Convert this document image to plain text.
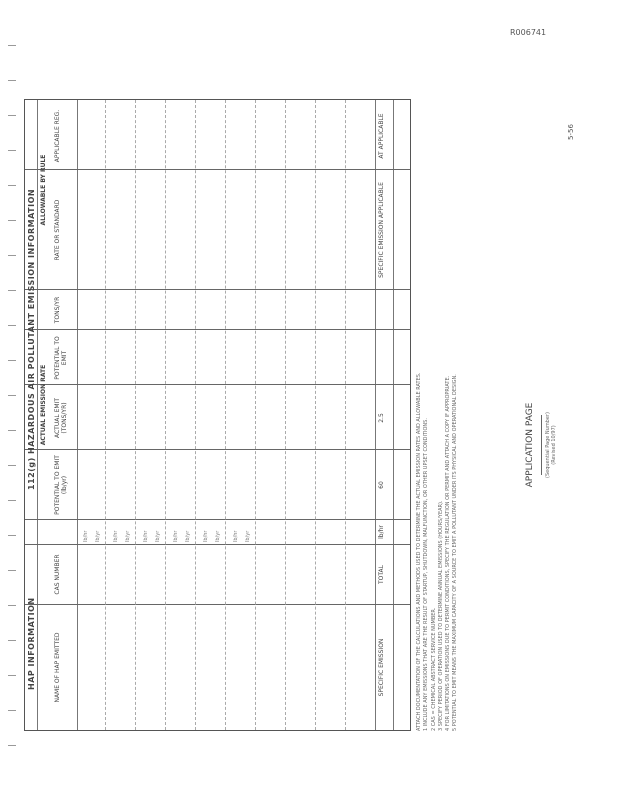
R006741
5-56
HAP INFORMATION
112(g) HAZARDOUS AIR POLLUTANT EMISSION INFORMATION ACTUAL EMISSION RATE
ALLOWABLE BY RULE
NAME OF HAP EMITTED
CAS NUMBER
POTENTIAL TO EMIT (lb/yr)
ACTUAL EMIT (TONS/YR)
POTENTIAL TO EMIT
TONS/YR
RATE OR STANDARD
APPLICABLE REG.
lb/hr lb/yr lb/hr lb/yr lb/hr lb/yr lb/hr lb/yr lb/hr lb/yr lb/hr lb/yr
SPECIFIC EMISSION
TOTAL
lb/hr
60
2.5
SPECIFIC EMISSION APPLICABLE
AT APPLICABLE
ATTACH DOCUMENTATION OF THE CALCULATIONS AND METHODS USED TO DETERMINE THE ACTUAL EMISSION RATES AND ALLOWABLE RATES. 1 INCLUDE ANY EMISSIONS THAT ARE THE RESULT OF STARTUP, SHUTDOWN, MALFUNCTION, OR OTHER UPSET CONDITIONS. 2 CAS = CHEMICAL ABSTRACT SERVICE NUMBER. 3 SPECIFY PERIOD OF OPERATION USED TO DETERMINE ANNUAL EMISSIONS (HOURS/YEAR). 4 FOR LIMITATIONS ON EMISSIONS DUE TO PERMIT CONDITIONS, SPECIFY THE REGULATION OR PERMIT AND ATTACH A COPY IF APPROPRIATE. 5 POTENTIAL TO EMIT MEANS THE MAXIMUM CAPACITY OF A SOURCE TO EMIT A POLLUTANT UNDER ITS PHYSICAL AND OPERATIONAL DESIGN.	APPLICATION PAGE	(Sequential Page Number) (Revised 10/97)
